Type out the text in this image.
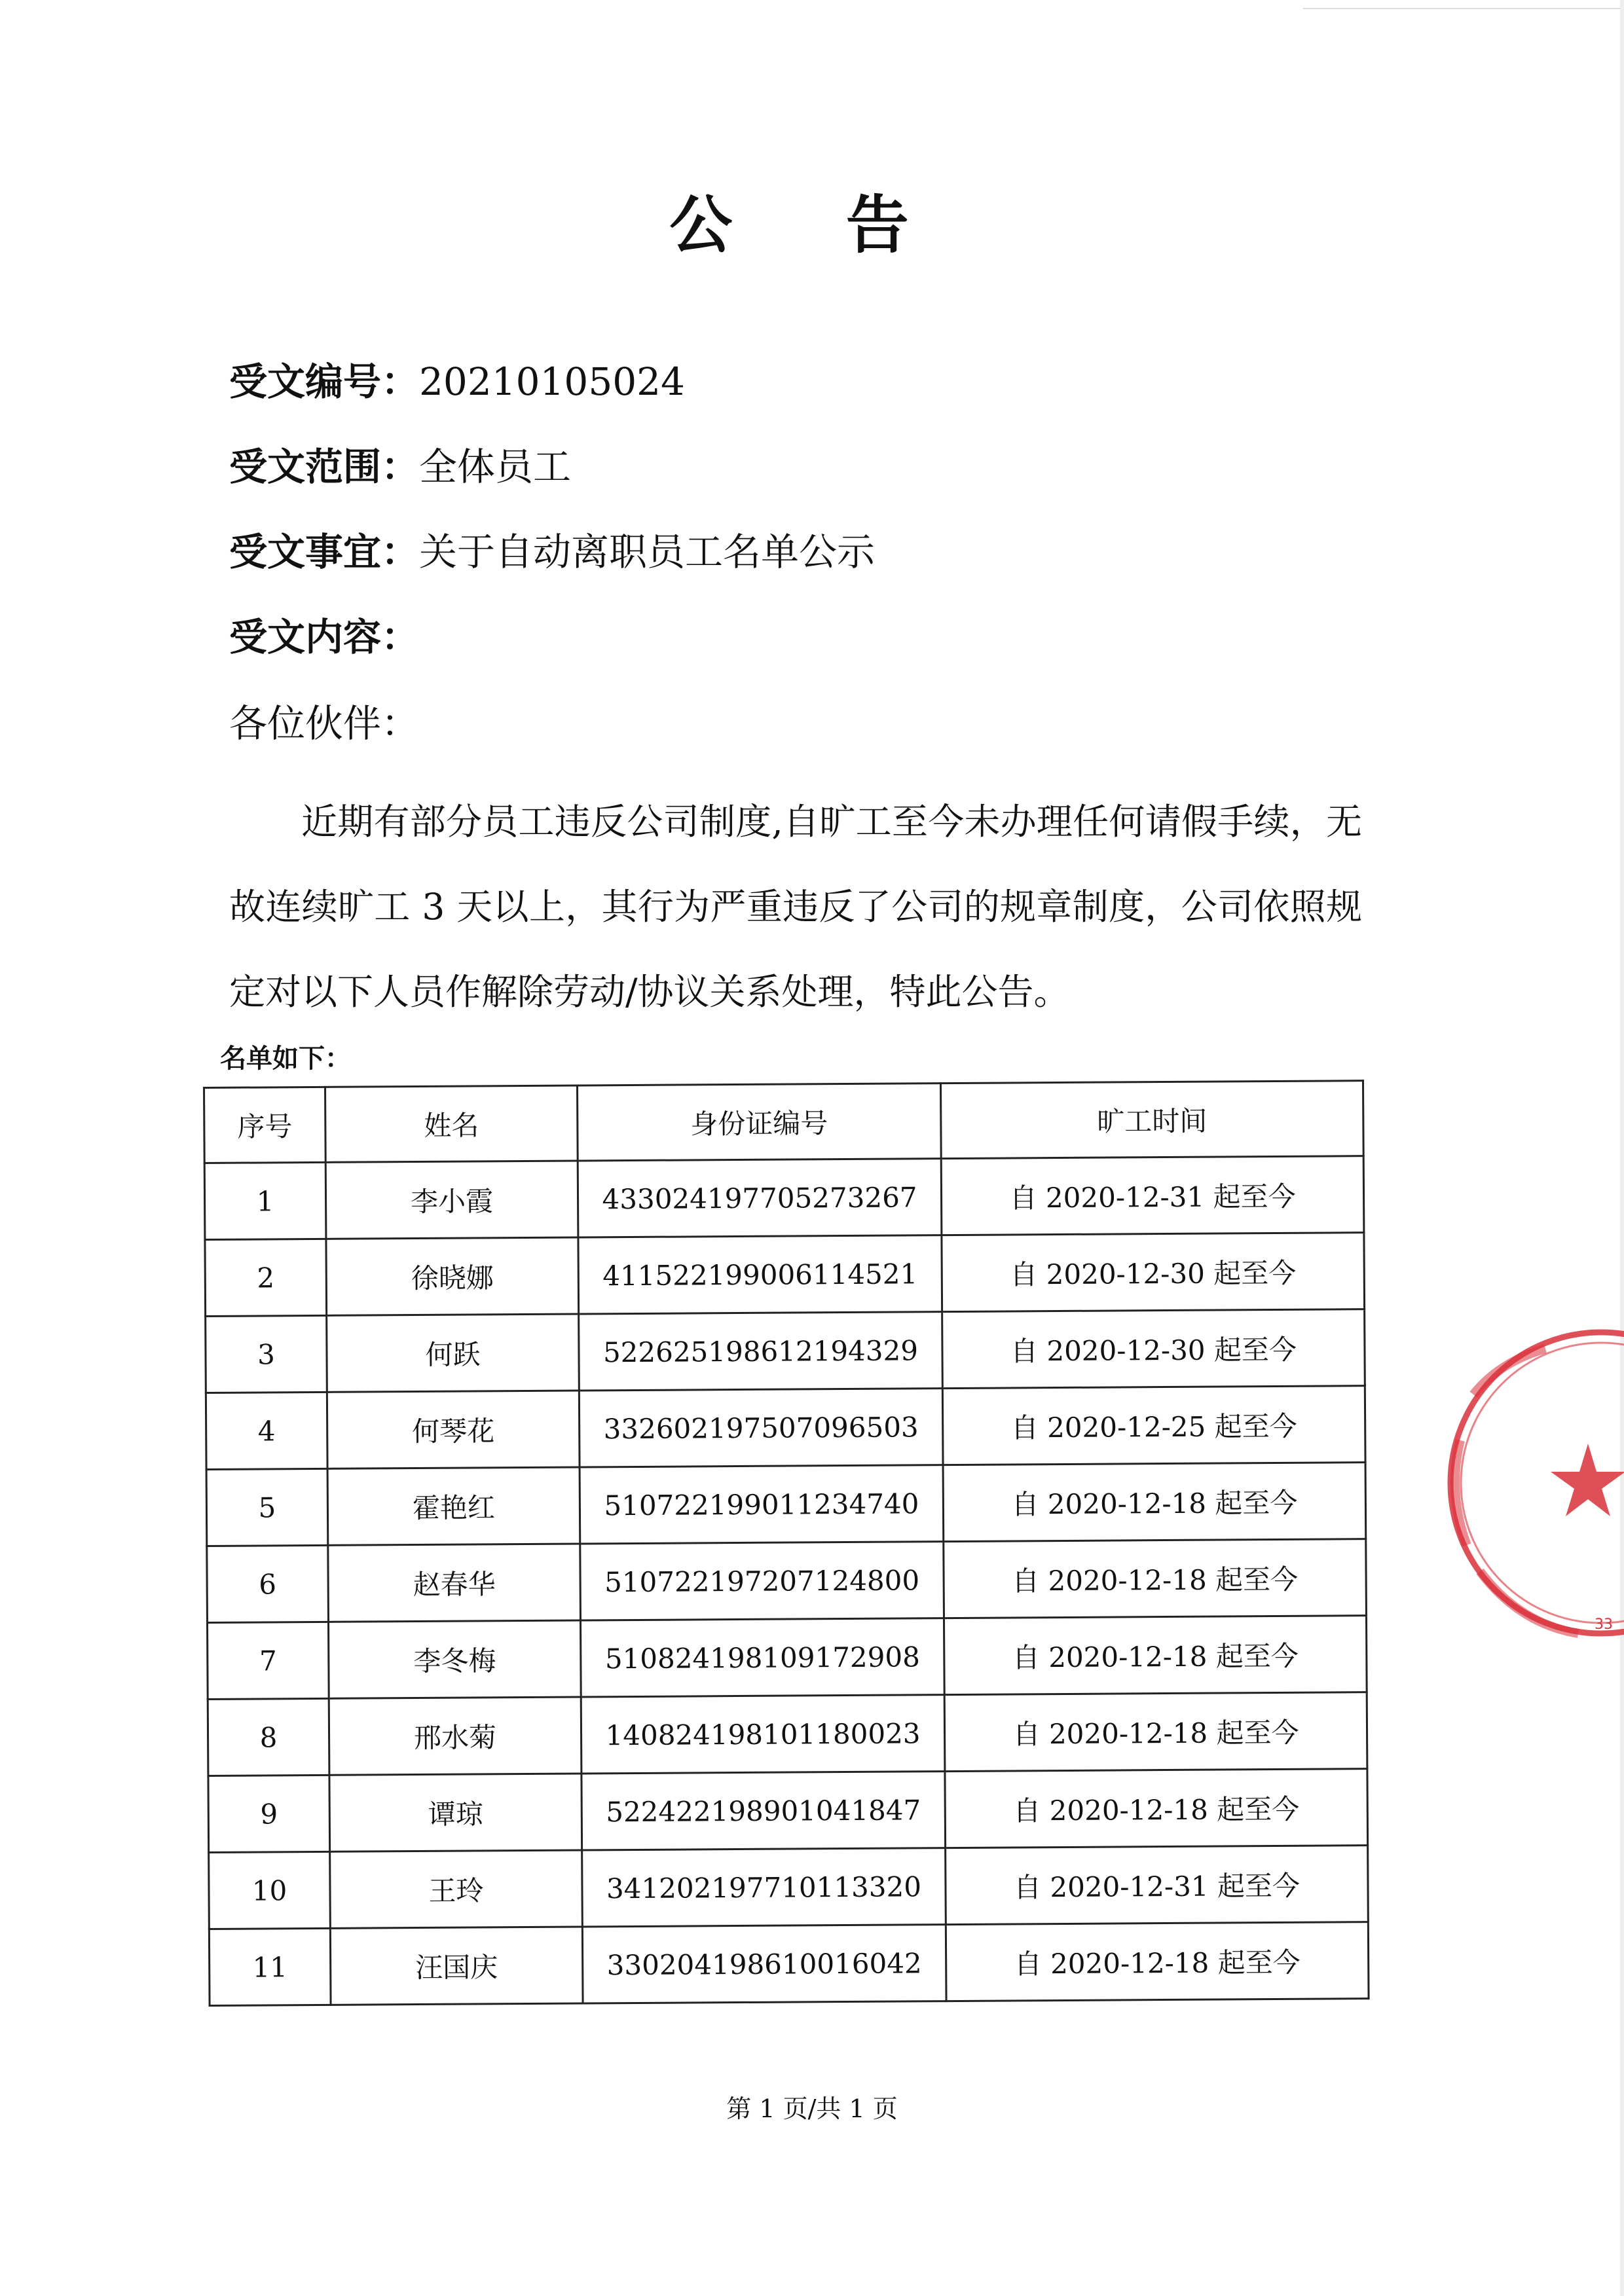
公 告
受文编号：20210105024
受文范围：全体员工
受文事宜：关于自动离职员工名单公示
受文内容：
各位伙伴：
近期有部分员工违反公司制度,自旷工至今未办理任何请假手续，无故连续旷工 3 天以上，其行为严重违反了公司的规章制度，公司依照规定对以下人员作解除劳动/协议关系处理，特此公告。
名单如下：
序号	姓名	身份证编号	旷工时间
1	李小霞	433024197705273267	自 2020-12-31 起至今
2	徐晓娜	411522199006114521	自 2020-12-30 起至今
3	何跃	522625198612194329	自 2020-12-30 起至今
4	何琴花	332602197507096503	自 2020-12-25 起至今
5	霍艳红	510722199011234740	自 2020-12-18 起至今
6	赵春华	510722197207124800	自 2020-12-18 起至今
7	李冬梅	510824198109172908	自 2020-12-18 起至今
8	邢水菊	140824198101180023	自 2020-12-18 起至今
9	谭琼	522422198901041847	自 2020-12-18 起至今
10	王玲	341202197710113320	自 2020-12-31 起至今
11	汪国庆	330204198610016042	自 2020-12-18 起至今
33
第 1 页/共 1 页
